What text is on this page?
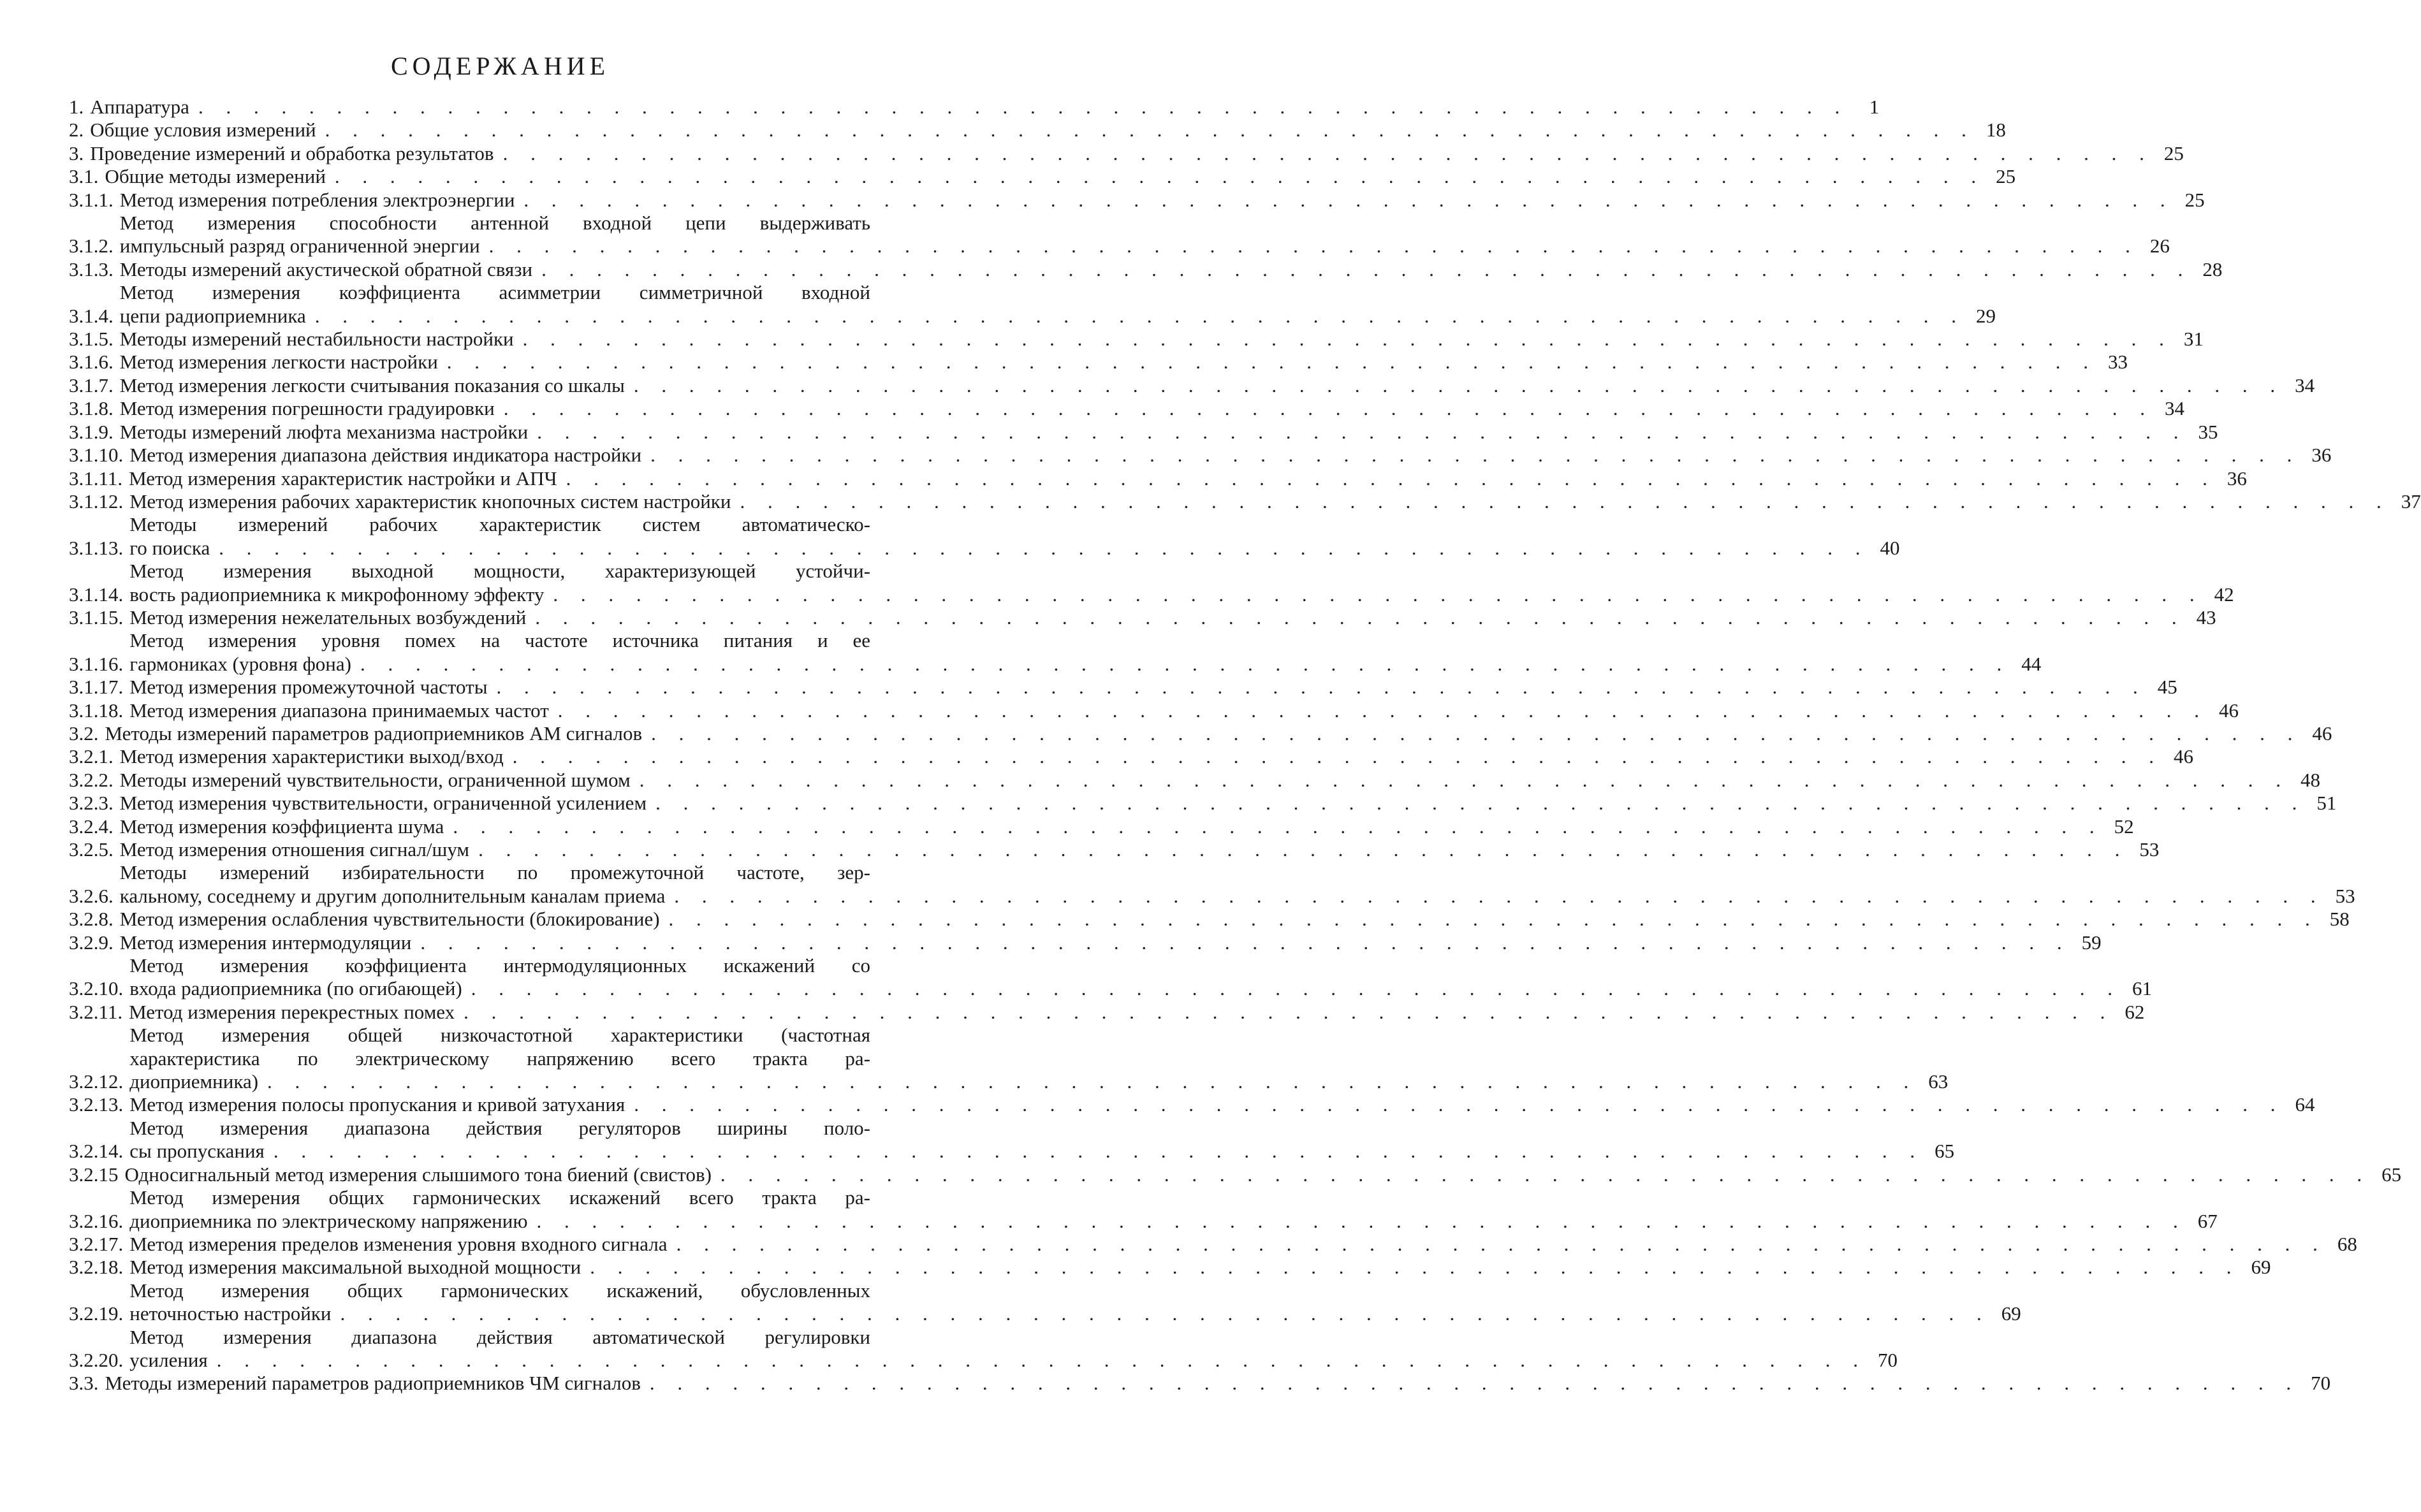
СОДЕРЖАНИЕ
1. Аппаратура . . . . . . . . . . . . . . . . . . . . . . . . . . . . . . . . . . . . . . . . . . . . . . . . . . . . . . . . . . . .	1
2. Общие условия измерений . . . . . . . . . . . . . . . . . . . . . . . . . . . . . . . . . . . . . . . . . . . . . . . . . . . . . . . . . . . . 18
3. Проведение измерений и обработка результатов . . . . . . . . . . . . . . . . . . . . . . . . . . . . . . . . . . . . . . . . . . . . . . . . . . . . . . . . . . . . 25
3.1. Общие методы измерений . . . . . . . . . . . . . . . . . . . . . . . . . . . . . . . . . . . . . . . . . . . . . . . . . . . . . . . . . . . . 25
3.1.1. Метод измерения потребления электроэнергии . . . . . . . . . . . . . . . . . . . . . . . . . . . . . . . . . . . . . . . . . . . . . . . . . . . . . . . . . . . . 25
3.1.2.
Метод измерения способности антенной входной цепи выдерживать
импульсный разряд ограниченной энергии . . . . . . . . . . . . . . . . . . . . . . . . . . . . . . . . . . . . . . . . . . . . . . . . . . . . . . . . . . . . 26
3.1.3. Методы измерений акустической обратной связи . . . . . . . . . . . . . . . . . . . . . . . . . . . . . . . . . . . . . . . . . . . . . . . . . . . . . . . . . . . . 28
3.1.4.
Метод измерения коэффициента асимметрии симметричной входной
цепи радиоприемника . . . . . . . . . . . . . . . . . . . . . . . . . . . . . . . . . . . . . . . . . . . . . . . . . . . . . . . . . . . . 29
3.1.5. Методы измерений нестабильности настройки . . . . . . . . . . . . . . . . . . . . . . . . . . . . . . . . . . . . . . . . . . . . . . . . . . . . . . . . . . . . 31
3.1.6. Метод измерения легкости настройки . . . . . . . . . . . . . . . . . . . . . . . . . . . . . . . . . . . . . . . . . . . . . . . . . . . . . . . . . . . . 33
3.1.7. Метод измерения легкости считывания показания со шкалы . . . . . . . . . . . . . . . . . . . . . . . . . . . . . . . . . . . . . . . . . . . . . . . . . . . . . . . . . . . . 34
3.1.8. Метод измерения погрешности градуировки . . . . . . . . . . . . . . . . . . . . . . . . . . . . . . . . . . . . . . . . . . . . . . . . . . . . . . . . . . . . 34
3.1.9. Методы измерений люфта механизма настройки . . . . . . . . . . . . . . . . . . . . . . . . . . . . . . . . . . . . . . . . . . . . . . . . . . . . . . . . . . . . 35
3.1.10. Метод измерения диапазона действия индикатора настройки . . . . . . . . . . . . . . . . . . . . . . . . . . . . . . . . . . . . . . . . . . . . . . . . . . . . . . . . . . . . 36
3.1.11. Метод измерения характеристик настройки и АПЧ . . . . . . . . . . . . . . . . . . . . . . . . . . . . . . . . . . . . . . . . . . . . . . . . . . . . . . . . . . . . 36
3.1.12. Метод измерения рабочих характеристик кнопочных систем настройки . . . . . . . . . . . . . . . . . . . . . . . . . . . . . . . . . . . . . . . . . . . . . . . . . . . . . . . . . . . . 37
3.1.13.
Методы измерений рабочих характеристик систем автоматическо-
го поиска . . . . . . . . . . . . . . . . . . . . . . . . . . . . . . . . . . . . . . . . . . . . . . . . . . . . . . . . . . . . 40
3.1.14.
Метод измерения выходной мощности, характеризующей устойчи-
вость радиоприемника к микрофонному эффекту . . . . . . . . . . . . . . . . . . . . . . . . . . . . . . . . . . . . . . . . . . . . . . . . . . . . . . . . . . . . 42
3.1.15. Метод измерения нежелательных возбуждений . . . . . . . . . . . . . . . . . . . . . . . . . . . . . . . . . . . . . . . . . . . . . . . . . . . . . . . . . . . . 43
3.1.16.
Метод измерения уровня помех на частоте источника питания и ее
гармониках (уровня фона) . . . . . . . . . . . . . . . . . . . . . . . . . . . . . . . . . . . . . . . . . . . . . . . . . . . . . . . . . . . . 44
3.1.17. Метод измерения промежуточной частоты . . . . . . . . . . . . . . . . . . . . . . . . . . . . . . . . . . . . . . . . . . . . . . . . . . . . . . . . . . . . 45
3.1.18. Метод измерения диапазона принимаемых частот . . . . . . . . . . . . . . . . . . . . . . . . . . . . . . . . . . . . . . . . . . . . . . . . . . . . . . . . . . . . 46
3.2. Методы измерений параметров радиоприемников АМ сигналов . . . . . . . . . . . . . . . . . . . . . . . . . . . . . . . . . . . . . . . . . . . . . . . . . . . . . . . . . . . . 46
3.2.1. Метод измерения характеристики выход/вход . . . . . . . . . . . . . . . . . . . . . . . . . . . . . . . . . . . . . . . . . . . . . . . . . . . . . . . . . . . . 46
3.2.2. Методы измерений чувствительности, ограниченной шумом . . . . . . . . . . . . . . . . . . . . . . . . . . . . . . . . . . . . . . . . . . . . . . . . . . . . . . . . . . . . 48
3.2.3. Метод измерения чувствительности, ограниченной усилением . . . . . . . . . . . . . . . . . . . . . . . . . . . . . . . . . . . . . . . . . . . . . . . . . . . . . . . . . . . . 51
3.2.4. Метод измерения коэффициента шума . . . . . . . . . . . . . . . . . . . . . . . . . . . . . . . . . . . . . . . . . . . . . . . . . . . . . . . . . . . . 52
3.2.5. Метод измерения отношения сигнал/шум . . . . . . . . . . . . . . . . . . . . . . . . . . . . . . . . . . . . . . . . . . . . . . . . . . . . . . . . . . . . 53
3.2.6.
Методы измерений избирательности по промежуточной частоте, зер-
кальному, соседнему и другим дополнительным каналам приема . . . . . . . . . . . . . . . . . . . . . . . . . . . . . . . . . . . . . . . . . . . . . . . . . . . . . . . . . . . . 53
3.2.8. Метод измерения ослабления чувствительности (блокирование) . . . . . . . . . . . . . . . . . . . . . . . . . . . . . . . . . . . . . . . . . . . . . . . . . . . . . . . . . . . . 58
3.2.9. Метод измерения интермодуляции . . . . . . . . . . . . . . . . . . . . . . . . . . . . . . . . . . . . . . . . . . . . . . . . . . . . . . . . . . . . 59
3.2.10.
Метод измерения коэффициента интермодуляционных искажений со
входа радиоприемника (по огибающей) . . . . . . . . . . . . . . . . . . . . . . . . . . . . . . . . . . . . . . . . . . . . . . . . . . . . . . . . . . . . 61
3.2.11. Метод измерения перекрестных помех . . . . . . . . . . . . . . . . . . . . . . . . . . . . . . . . . . . . . . . . . . . . . . . . . . . . . . . . . . . . 62
3.2.12.
Метод измерения общей низкочастотной характеристики (частотная
характеристика по электрическому напряжению всего тракта ра-
диоприемника) . . . . . . . . . . . . . . . . . . . . . . . . . . . . . . . . . . . . . . . . . . . . . . . . . . . . . . . . . . . . 63
3.2.13. Метод измерения полосы пропускания и кривой затухания . . . . . . . . . . . . . . . . . . . . . . . . . . . . . . . . . . . . . . . . . . . . . . . . . . . . . . . . . . . . 64
3.2.14.
Метод измерения диапазона действия регуляторов ширины поло-
сы пропускания . . . . . . . . . . . . . . . . . . . . . . . . . . . . . . . . . . . . . . . . . . . . . . . . . . . . . . . . . . . . 65
3.2.15 Односигнальный метод измерения слышимого тона биений (свистов) . . . . . . . . . . . . . . . . . . . . . . . . . . . . . . . . . . . . . . . . . . . . . . . . . . . . . . . . . . . . 65
3.2.16.
Метод измерения общих гармонических искажений всего тракта ра-
диоприемника по электрическому напряжению . . . . . . . . . . . . . . . . . . . . . . . . . . . . . . . . . . . . . . . . . . . . . . . . . . . . . . . . . . . . 67
3.2.17. Метод измерения пределов изменения уровня входного сигнала . . . . . . . . . . . . . . . . . . . . . . . . . . . . . . . . . . . . . . . . . . . . . . . . . . . . . . . . . . . . 68
3.2.18. Метод измерения максимальной выходной мощности . . . . . . . . . . . . . . . . . . . . . . . . . . . . . . . . . . . . . . . . . . . . . . . . . . . . . . . . . . . . 69
3.2.19.
Метод измерения общих гармонических искажений, обусловленных
неточностью настройки . . . . . . . . . . . . . . . . . . . . . . . . . . . . . . . . . . . . . . . . . . . . . . . . . . . . . . . . . . . . 69
3.2.20.
Метод измерения диапазона действия автоматической регулировки
усиления . . . . . . . . . . . . . . . . . . . . . . . . . . . . . . . . . . . . . . . . . . . . . . . . . . . . . . . . . . . . 70
3.3. Методы измерений параметров радиоприемников ЧМ сигналов . . . . . . . . . . . . . . . . . . . . . . . . . . . . . . . . . . . . . . . . . . . . . . . . . . . . . . . . . . . . 70
